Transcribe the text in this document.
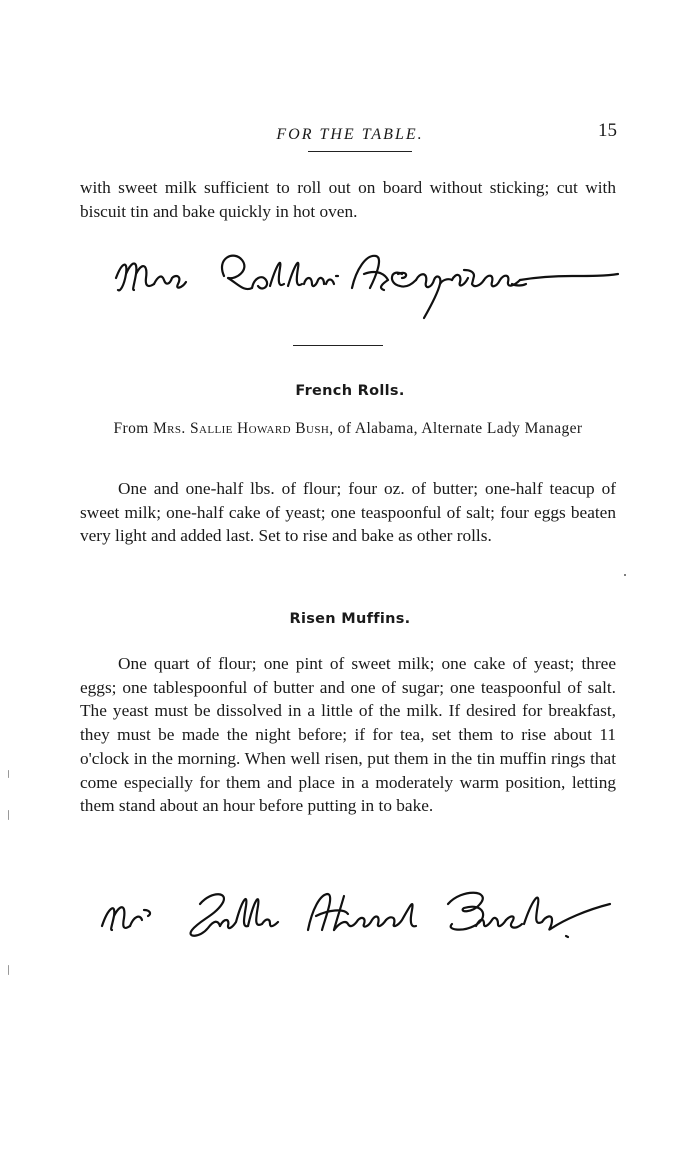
FOR THE TABLE.	15

with sweet milk sufficient to roll out on board without sticking; cut with biscuit tin and bake quickly in hot oven.

French Rolls.
From Mrs. Sallie Howard Bush, of Alabama, Alternate Lady Manager

One and one-half lbs. of flour; four oz. of butter; one-half teacup of sweet milk; one-half cake of yeast; one teaspoonful of salt; four eggs beaten very light and added last. Set to rise and bake as other rolls.

Risen Muffins.

One quart of flour; one pint of sweet milk; one cake of yeast; three eggs; one tablespoonful of butter and one of sugar; one teaspoonful of salt. The yeast must be dissolved in a little of the milk. If desired for breakfast, they must be made the night before; if for tea, set them to rise about 11 o'clock in the morning. When well risen, put them in the tin muffin rings that come especially for them and place in a moderately warm position, letting them stand about an hour before putting in to bake.
